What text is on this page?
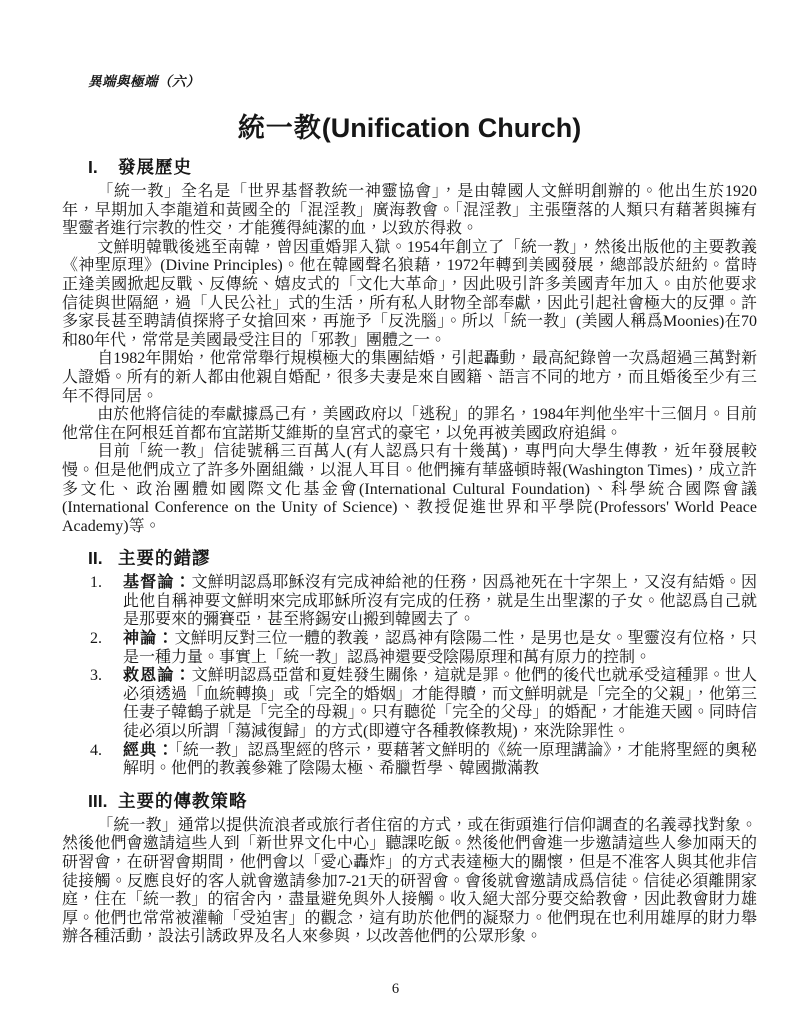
異端與極端（六）
統一教(Unification Church)
I. 發展歷史

「統一教」全名是「世界基督教統一神靈協會」，是由韓國人文鮮明創辦的。他出生於1920年，早期加入李龍道和黃國全的「混淫教」廣海教會。「混淫教」主張墮落的人類只有藉著與擁有聖靈者進行宗教的性交，才能獲得純潔的血，以致於得救。

文鮮明韓戰後逃至南韓，曾因重婚罪入獄。1954年創立了「統一教」，然後出版他的主要教義《神聖原理》(Divine Principles)。他在韓國聲名狼藉，1972年轉到美國發展，總部設於紐約。當時正逢美國掀起反戰、反傳統、嬉皮式的「文化大革命」，因此吸引許多美國青年加入。由於他要求信徒與世隔絕，過「人民公社」式的生活，所有私人財物全部奉獻，因此引起社會極大的反彈。許多家長甚至聘請偵探將子女搶回來，再施予「反洗腦」。所以「統一教」(美國人稱爲Moonies)在70和80年代，常常是美國最受注目的「邪教」團體之一。

自1982年開始，他常常舉行規模極大的集團結婚，引起轟動，最高紀錄曾一次爲超過三萬對新人證婚。所有的新人都由他親自婚配，很多夫妻是來自國籍、語言不同的地方，而且婚後至少有三年不得同居。

由於他將信徒的奉獻據爲己有，美國政府以「逃稅」的罪名，1984年判他坐牢十三個月。目前他常住在阿根廷首都布宜諾斯艾維斯的皇宮式的豪宅，以免再被美國政府追緝。

目前「統一教」信徒號稱三百萬人(有人認爲只有十幾萬)，專門向大學生傳教，近年發展較慢。但是他們成立了許多外圍組織，以混人耳目。他們擁有華盛頓時報(Washington Times)，成立許多文化、政治團體如國際文化基金會(International Cultural Foundation)、科學統合國際會議(International Conference on the Unity of Science)、教授促進世界和平學院(Professors' World Peace Academy)等。

II. 主要的錯謬
1.	基督論：文鮮明認爲耶穌沒有完成神給祂的任務，因爲祂死在十字架上，又沒有結婚。因此他自稱神要文鮮明來完成耶穌所沒有完成的任務，就是生出聖潔的子女。他認爲自己就是那要來的彌賽亞，甚至將錫安山搬到韓國去了。
2.	神論：文鮮明反對三位一體的教義，認爲神有陰陽二性，是男也是女。聖靈沒有位格，只是一種力量。事實上「統一教」認爲神還要受陰陽原理和萬有原力的控制。
3.	救恩論：文鮮明認爲亞當和夏娃發生關係，這就是罪。他們的後代也就承受這種罪。世人必須透過「血統轉換」或「完全的婚姻」才能得贖，而文鮮明就是「完全的父親」，他第三任妻子韓鶴子就是「完全的母親」。只有聽從「完全的父母」的婚配，才能進天國。同時信徒必須以所謂「蕩減復歸」的方式(即遵守各種教條教規)，來洗除罪性。
4.	經典：「統一教」認爲聖經的啓示，要藉著文鮮明的《統一原理講論》，才能將聖經的奧秘解明。他們的教義參雜了陰陽太極、希臘哲學、韓國撒滿教
III. 主要的傳教策略

「統一教」通常以提供流浪者或旅行者住宿的方式，或在街頭進行信仰調查的名義尋找對象。然後他們會邀請這些人到「新世界文化中心」聽課吃飯。然後他們會進一步邀請這些人參加兩天的研習會，在研習會期間，他們會以「愛心轟炸」的方式表達極大的關懷，但是不准客人與其他非信徒接觸。反應良好的客人就會邀請參加7-21天的研習會。會後就會邀請成爲信徒。信徒必須離開家庭，住在「統一教」的宿舍內，盡量避免與外人接觸。收入絕大部分要交給教會，因此教會財力雄厚。他們也常常被灌輸「受迫害」的觀念，這有助於他們的凝聚力。他們現在也利用雄厚的財力舉辦各種活動，設法引誘政界及名人來參與，以改善他們的公眾形象。

6
